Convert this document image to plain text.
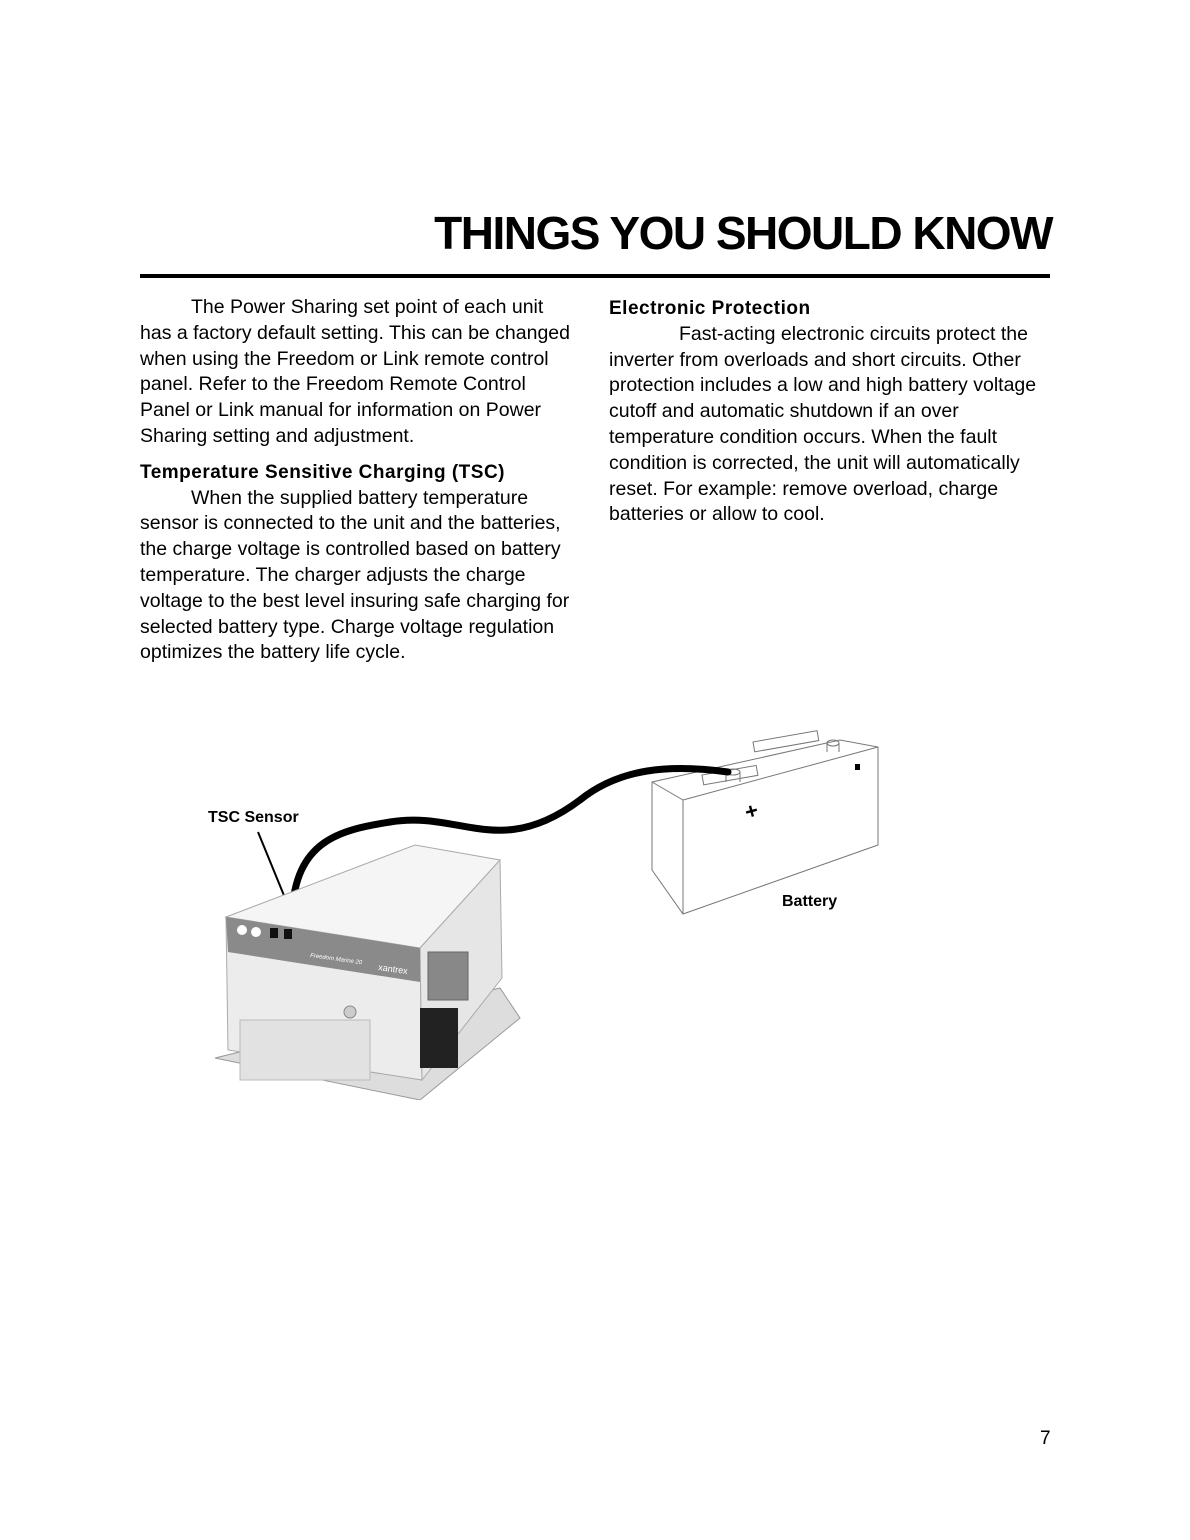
THINGS YOU SHOULD KNOW

The Power Sharing set point of each unit has a factory default setting. This can be changed when using the Freedom or Link remote control panel. Refer to the Freedom Remote Control Panel or Link manual for information on Power Sharing setting and adjustment.

Temperature Sensitive Charging (TSC)

When the supplied battery temperature sensor is connected to the unit and the batteries, the charge voltage is controlled based on battery temperature. The charger adjusts the charge voltage to the best level insuring safe charging for selected battery type. Charge voltage regulation optimizes the battery life cycle.

Electronic Protection

Fast-acting electronic circuits protect the inverter from overloads and short circuits. Other protection includes a low and high battery voltage cutoff and automatic shutdown if an over temperature condition occurs. When the fault condition is corrected, the unit will automatically reset. For example: remove overload, charge batteries or allow to cool.

+
Freedom Marine 20
xantrex
TSC Sensor
Battery
7
